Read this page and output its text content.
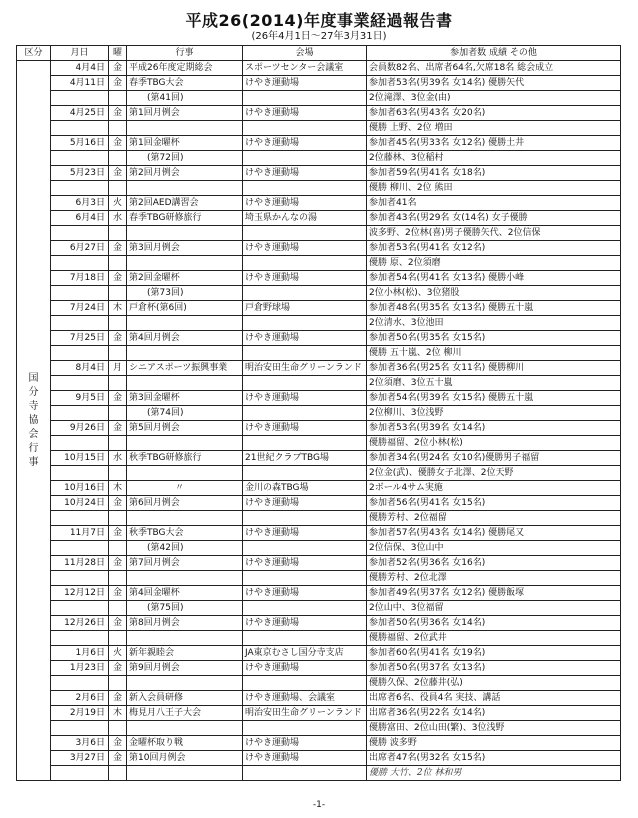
平成26(2014)年度事業経過報告書
(26年4月1日～27年3月31日)
区分	月日	曜	行事	会場	参加者数 成績 その他
国分寺協会行事	4月4日	金	平成26年度定期総会	スポーツセンター会議室	会員数82名、出席者64名,欠席18名 総会成立
	4月11日	金	春季TBG大会	けやき運動場	参加者53名(男39名 女14名) 優勝矢代
			(第41回)		2位滝澤、3位金(由)
	4月25日	金	第1回月例会	けやき運動場	参加者63名(男43名 女20名)
					優勝 上野、2位 増田
	5月16日	金	第1回金曜杯	けやき運動場	参加者45名(男33名 女12名) 優勝土井
			(第72回)		2位藤林、3位稲村
	5月23日	金	第2回月例会	けやき運動場	参加者59名(男41名 女18名)
					優勝 柳川、2位 熊田
	6月3日	火	第2回AED講習会	けやき運動場	参加者41名
	6月4日	水	春季TBG研修旅行	埼玉県かんなの湯	参加者43名(男29名 女(14名) 女子優勝
					波多野、2位林(喜)男子優勝矢代、2位信保
	6月27日	金	第3回月例会	けやき運動場	参加者53名(男41名 女12名)
					優勝 原、2位須磨
	7月18日	金	第2回金曜杯	けやき運動場	参加者54名(男41名 女13名) 優勝小峰
			(第73回)		2位小林(松)、3位猪股
	7月24日	木	戸倉杯(第6回)	戸倉野球場	参加者48名(男35名 女13名) 優勝五十嵐
					2位清水、3位池田
	7月25日	金	第4回月例会	けやき運動場	参加者50名(男35名 女15名)
					優勝 五十嵐、2位 柳川
	8月4日	月	シニアスポーツ振興事業	明治安田生命グリーンランド	参加者36名(男25名 女11名) 優勝柳川
					2位須磨、3位五十嵐
	9月5日	金	第3回金曜杯	けやき運動場	参加者54名(男39名 女15名) 優勝五十嵐
			(第74回)		2位柳川、3位浅野
	9月26日	金	第5回月例会	けやき運動場	参加者53名(男39名 女14名)
					優勝福留、2位小林(松)
	10月15日	水	秋季TBG研修旅行	21世紀クラブTBG場	参加者34名(男24名 女10名)優勝男子福留
					2位金(武)、優勝女子北澤、2位天野
	10月16日	木	〃	金川の森TBG場	2ボール4サム実施
	10月24日	金	第6回月例会	けやき運動場	参加者56名(男41名 女15名)
					優勝芳村、2位福留
	11月7日	金	秋季TBG大会	けやき運動場	参加者57名(男43名 女14名) 優勝尾又
			(第42回)		2位信保、3位山中
	11月28日	金	第7回月例会	けやき運動場	参加者52名(男36名 女16名)
					優勝芳村、2位北澤
	12月12日	金	第4回金曜杯	けやき運動場	参加者49名(男37名 女12名) 優勝飯塚
			(第75回)		2位山中、3位福留
	12月26日	金	第8回月例会	けやき運動場	参加者50名(男36名 女14名)
					優勝福留、2位武井
	1月6日	火	新年親睦会	JA東京むさし国分寺支店	参加者60名(男41名 女19名)
	1月23日	金	第9回月例会	けやき運動場	参加者50名(男37名 女13名)
					優勝久保、2位藤井(弘)
	2月6日	金	新入会員研修	けやき運動場、会議室	出席者6名、役員4名 実技、講話
	2月19日	木	梅見月八王子大会	明治安田生命グリーンランド	出席者36名(男22名 女14名)
					優勝富田、2位山田(繁)、3位浅野
	3月6日	金	金曜杯取り戦	けやき運動場	優勝 波多野
	3月27日	金	第10回月例会	けやき運動場	出席者47名(男32名 女15名)
					優勝 大竹、2位 林和男
-1-
